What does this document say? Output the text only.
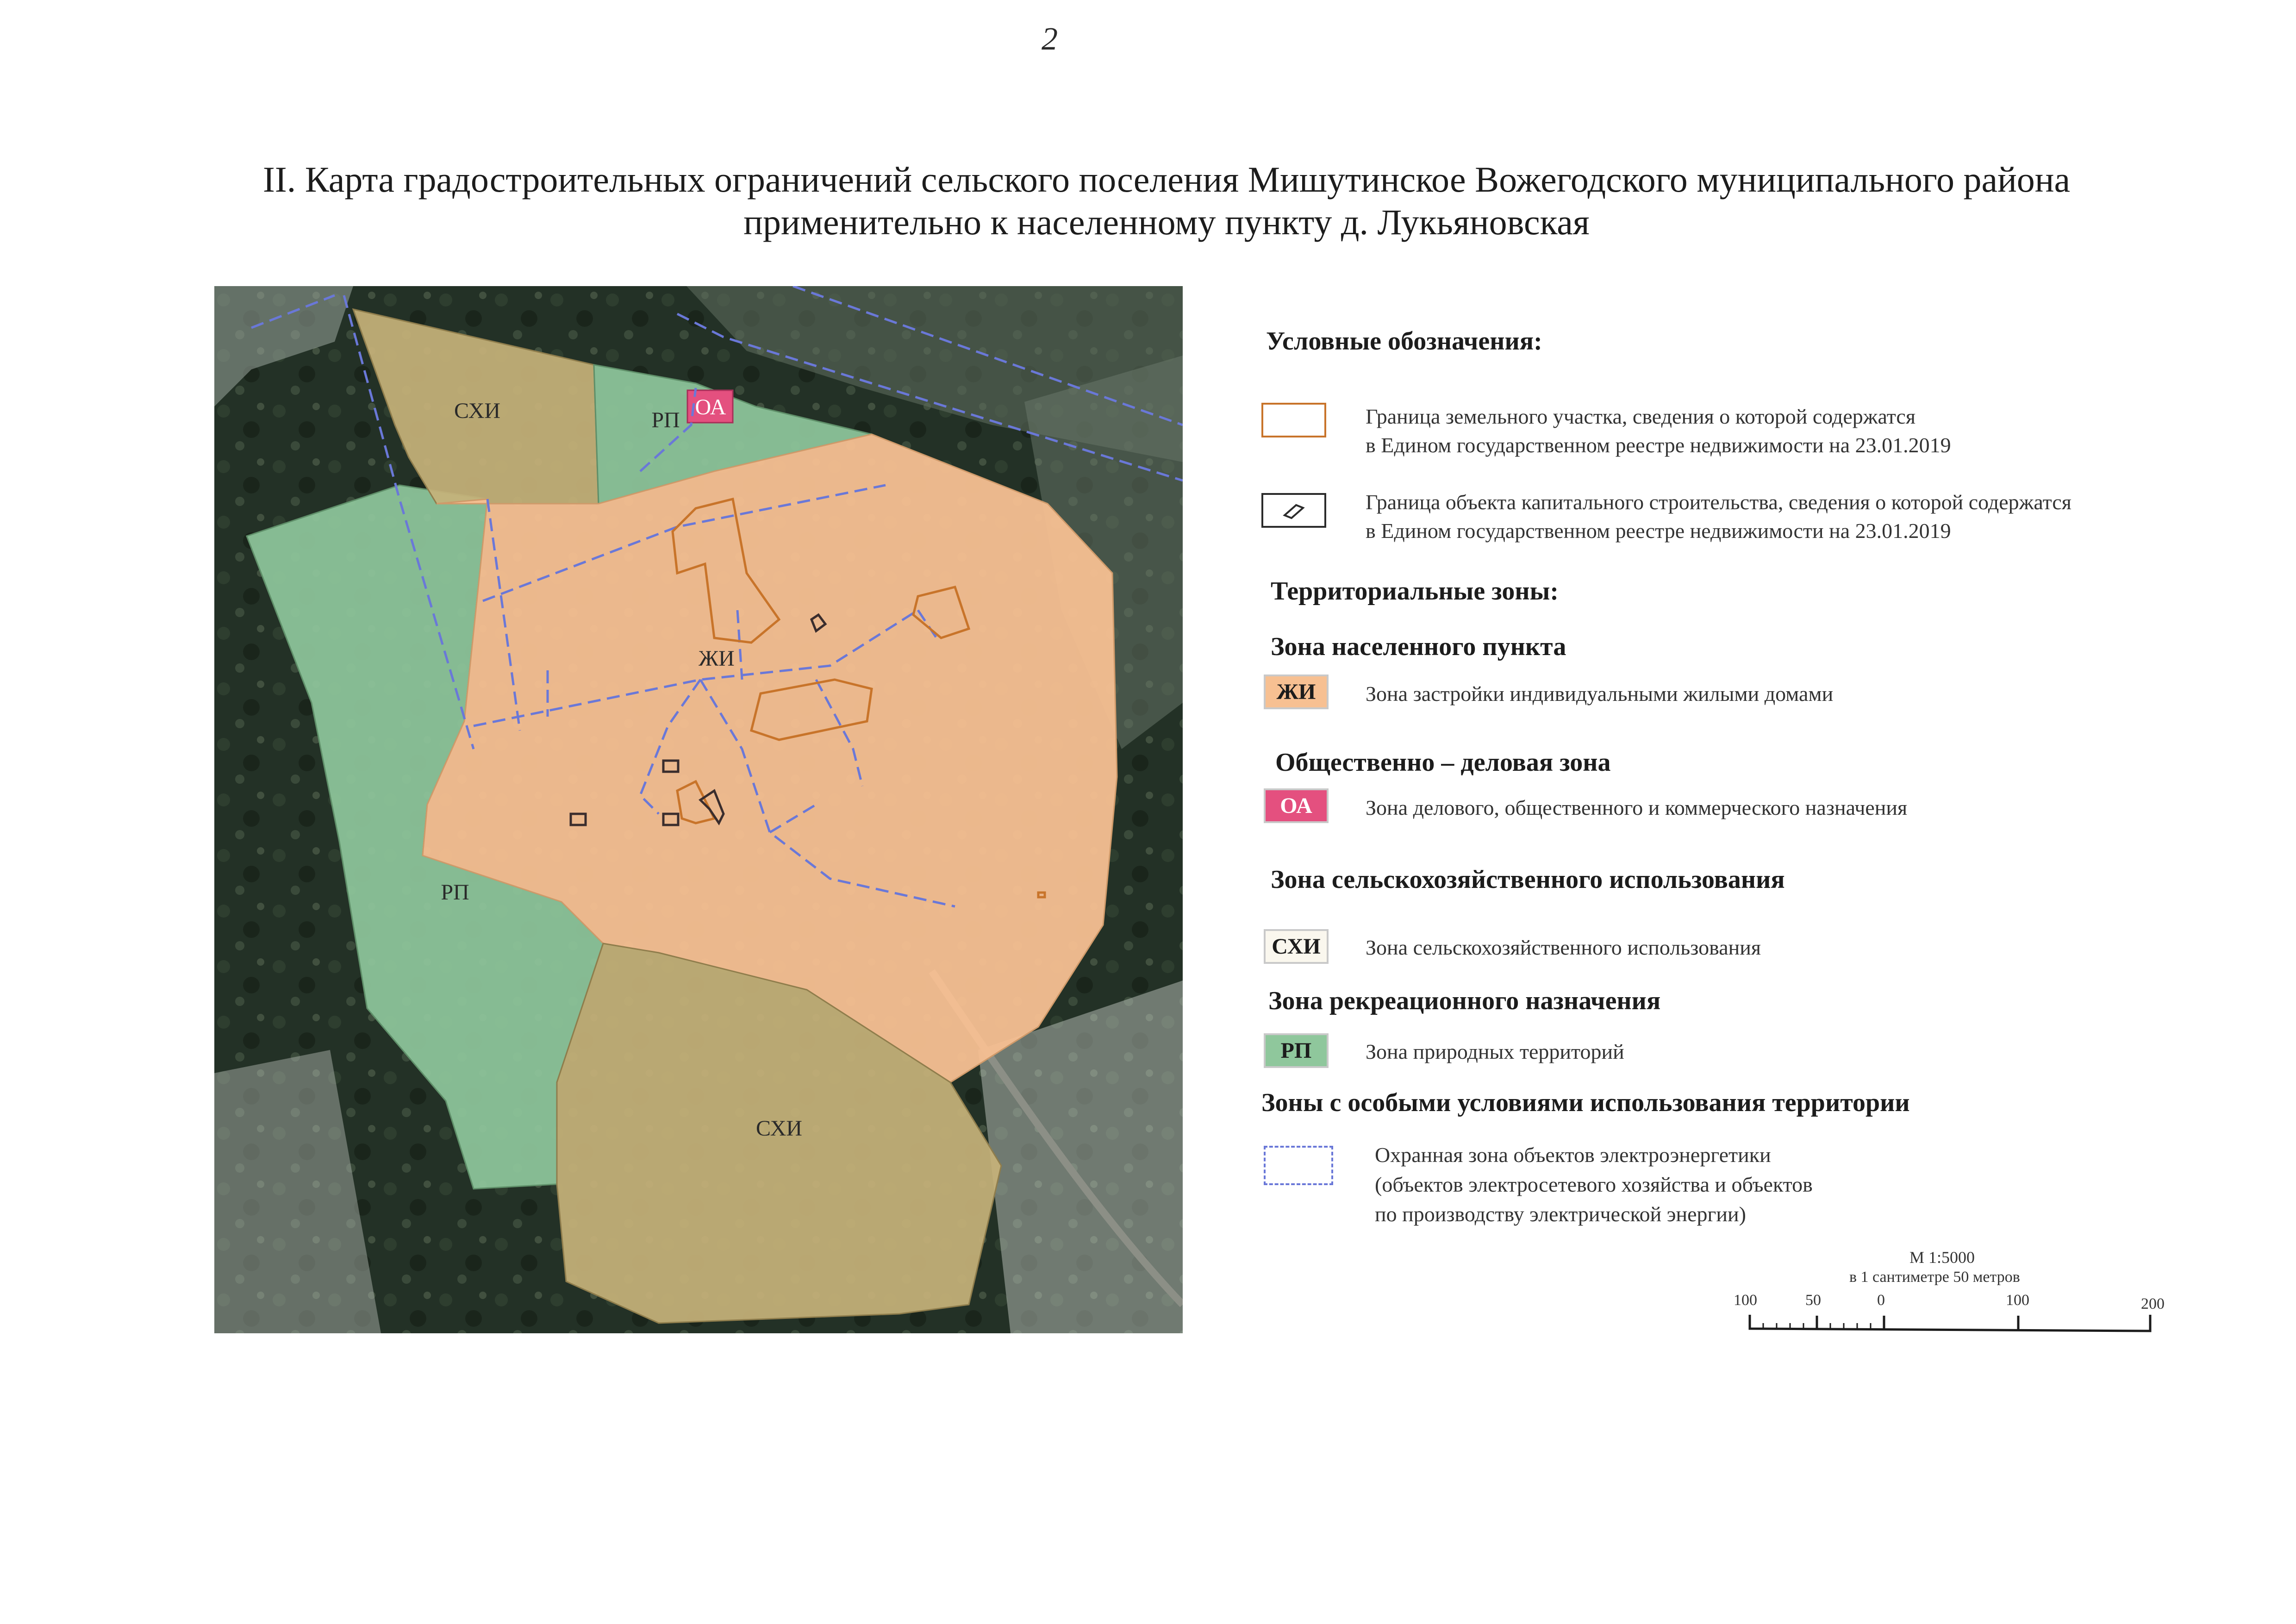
2
II. Карта градостроительных ограничений сельского поселения Мишутинское Вожегодского муниципального района
применительно к населенному пункту д. Лукьяновская
СХИ	РП
ОА
ЖИ
РП
СХИ
Условные обозначения:
Граница земельного участка, сведения о которой содержатся
в Едином государственном реестре недвижимости на 23.01.2019
Граница объекта капитального строительства, сведения о которой содержатся
в Едином государственном реестре недвижимости на 23.01.2019
Территориальные зоны:
Зона населенного пункта
ЖИ	Зона застройки индивидуальными жилыми домами
Общественно – деловая зона
ОА	Зона делового, общественного и коммерческого назначения
Зона сельскохозяйственного использования
СХИ	Зона сельскохозяйственного использования
Зона рекреационного назначения
РП	Зона природных территорий
Зоны с особыми условиями использования территории
Охранная зона объектов электроэнергетики
(объектов электросетевого хозяйства и объектов
по производству электрической энергии)
М 1:5000
в 1 сантиметре 50 метров
100	50	0	100	200
